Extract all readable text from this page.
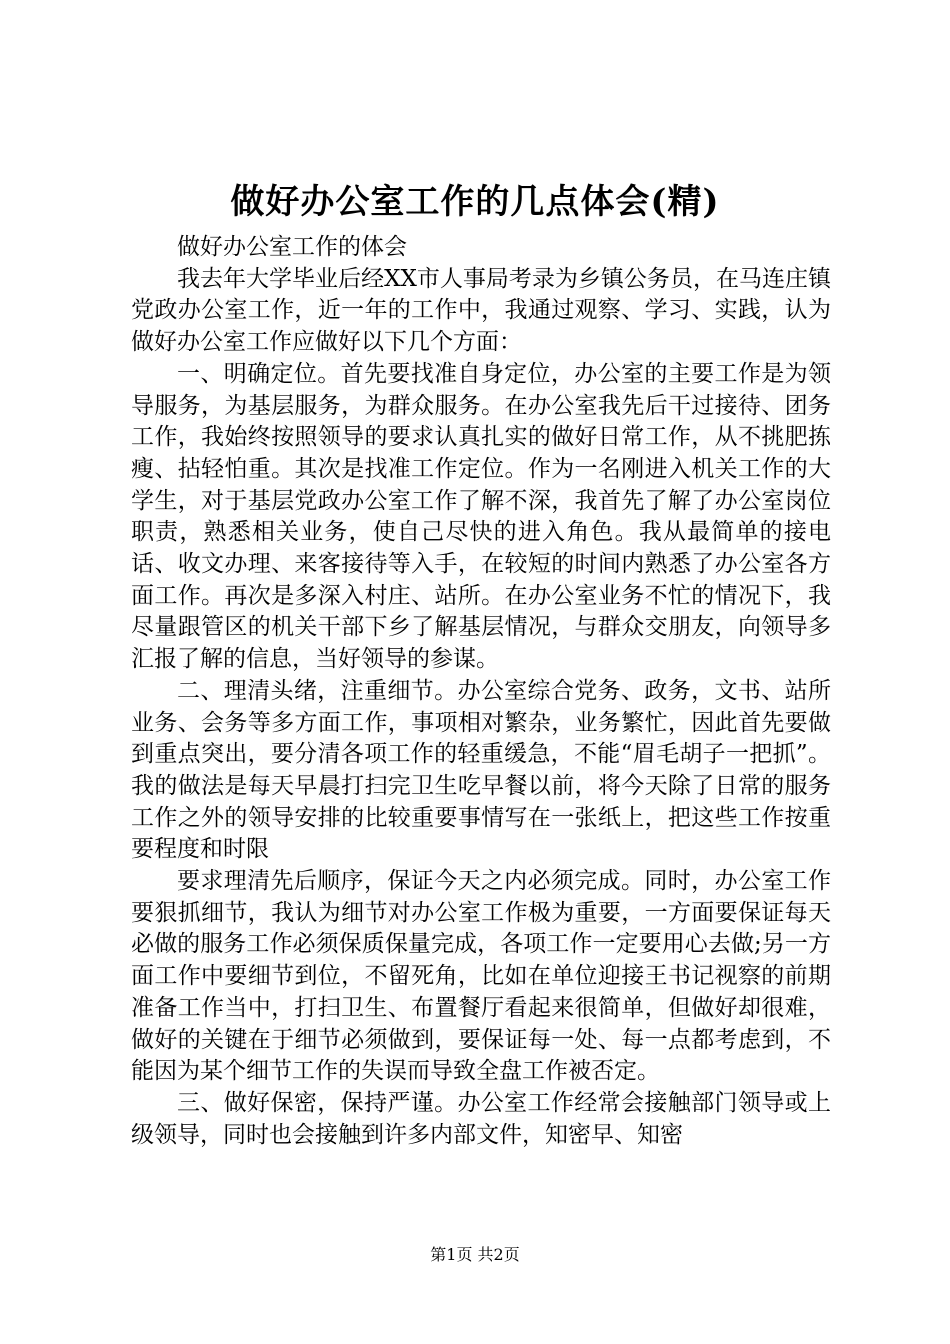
做好办公室工作的几点体会(精)

做好办公室工作的体会

我去年大学毕业后经XX市人事局考录为乡镇公务员，在马连庄镇党政办公室工作，近一年的工作中，我通过观察、学习、实践，认为做好办公室工作应做好以下几个方面：

一、明确定位。首先要找准自身定位，办公室的主要工作是为领导服务，为基层服务，为群众服务。在办公室我先后干过接待、团务工作，我始终按照领导的要求认真扎实的做好日常工作，从不挑肥拣瘦、拈轻怕重。其次是找准工作定位。作为一名刚进入机关工作的大学生，对于基层党政办公室工作了解不深，我首先了解了办公室岗位职责，熟悉相关业务，使自己尽快的进入角色。我从最简单的接电话、收文办理、来客接待等入手，在较短的时间内熟悉了办公室各方面工作。再次是多深入村庄、站所。在办公室业务不忙的情况下，我尽量跟管区的机关干部下乡了解基层情况，与群众交朋友，向领导多汇报了解的信息，当好领导的参谋。

二、理清头绪，注重细节。办公室综合党务、政务，文书、站所业务、会务等多方面工作，事项相对繁杂，业务繁忙，因此首先要做到重点突出，要分清各项工作的轻重缓急，不能“眉毛胡子一把抓”。我的做法是每天早晨打扫完卫生吃早餐以前，将今天除了日常的服务工作之外的领导安排的比较重要事情写在一张纸上，把这些工作按重要程度和时限

要求理清先后顺序，保证今天之内必须完成。同时，办公室工作要狠抓细节，我认为细节对办公室工作极为重要，一方面要保证每天必做的服务工作必须保质保量完成，各项工作一定要用心去做;另一方面工作中要细节到位，不留死角，比如在单位迎接王书记视察的前期准备工作当中，打扫卫生、布置餐厅看起来很简单，但做好却很难，做好的关键在于细节必须做到，要保证每一处、每一点都考虑到，不能因为某个细节工作的失误而导致全盘工作被否定。

三、做好保密，保持严谨。办公室工作经常会接触部门领导或上级领导，同时也会接触到许多内部文件，知密早、知密

第1页 共2页
